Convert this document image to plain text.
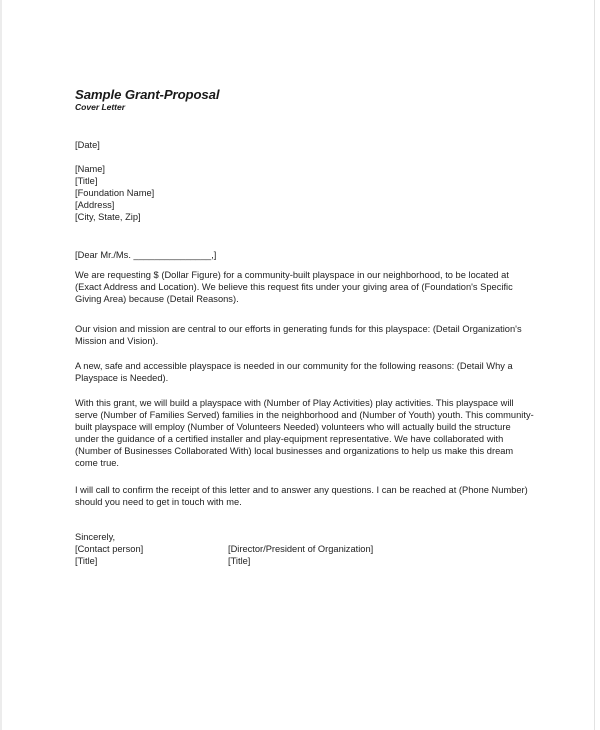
Sample Grant-Proposal
Cover Letter
[Date]
[Name]
[Title]
[Foundation Name]
[Address]
[City, State, Zip]
[Dear Mr./Ms. _______________,]
We are requesting $ (Dollar Figure) for a community-built playspace in our neighborhood, to be located at (Exact Address and Location). We believe this request fits under your giving area of (Foundation's Specific Giving Area) because (Detail Reasons).
Our vision and mission are central to our efforts in generating funds for this playspace: (Detail Organization's Mission and Vision).
A new, safe and accessible playspace is needed in our community for the following reasons: (Detail Why a Playspace is Needed).
With this grant, we will build a playspace with (Number of Play Activities) play activities. This playspace will serve (Number of Families Served) families in the neighborhood and (Number of Youth) youth. This community-built playspace will employ (Number of Volunteers Needed) volunteers who will actually build the structure under the guidance of a certified installer and play-equipment representative. We have collaborated with (Number of Businesses Collaborated With) local businesses and organizations to help us make this dream come true.
I will call to confirm the receipt of this letter and to answer any questions. I can be reached at (Phone Number) should you need to get in touch with me.
Sincerely,
[Contact person]	[Director/President of Organization]
[Title]	[Title]
